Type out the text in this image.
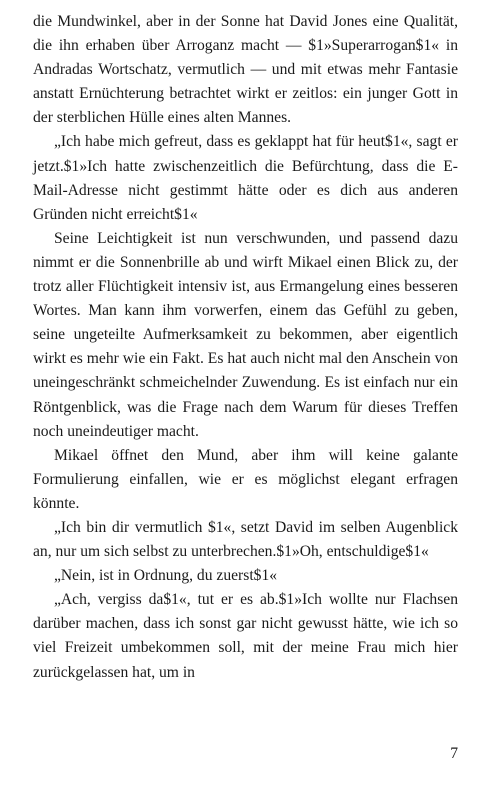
die Mundwinkel, aber in der Sonne hat David Jones eine Qualität, die ihn erhaben über Arroganz macht — $1»Superarrogan$1« in Andradas Wortschatz, vermutlich — und mit etwas mehr Fantasie anstatt Ernüchterung betrachtet wirkt er zeitlos: ein junger Gott in der sterblichen Hülle eines alten Mannes.

„Ich habe mich gefreut, dass es geklappt hat für heut$1«, sagt er jetzt.$1»Ich hatte zwischenzeitlich die Befürchtung, dass die E-Mail-Adresse nicht gestimmt hätte oder es dich aus anderen Gründen nicht erreicht$1«

Seine Leichtigkeit ist nun verschwunden, und passend dazu nimmt er die Sonnenbrille ab und wirft Mikael einen Blick zu, der trotz aller Flüchtigkeit intensiv ist, aus Ermangelung eines besseren Wortes. Man kann ihm vorwerfen, einem das Gefühl zu geben, seine ungeteilte Aufmerksamkeit zu bekommen, aber eigentlich wirkt es mehr wie ein Fakt. Es hat auch nicht mal den Anschein von uneingeschränkt schmeichelnder Zuwendung. Es ist einfach nur ein Röntgenblick, was die Frage nach dem Warum für dieses Treffen noch uneindeutiger macht.

Mikael öffnet den Mund, aber ihm will keine galante Formulierung einfallen, wie er es möglichst elegant erfragen könnte.

„Ich bin dir vermutlich $1«, setzt David im selben Augenblick an, nur um sich selbst zu unterbrechen.$1»Oh, entschuldige$1«

„Nein, ist in Ordnung, du zuerst$1«

„Ach, vergiss da$1«, tut er es ab.$1»Ich wollte nur Flachsen darüber machen, dass ich sonst gar nicht gewusst hätte, wie ich so viel Freizeit umbekommen soll, mit der meine Frau mich hier zurückgelassen hat, um in

7
